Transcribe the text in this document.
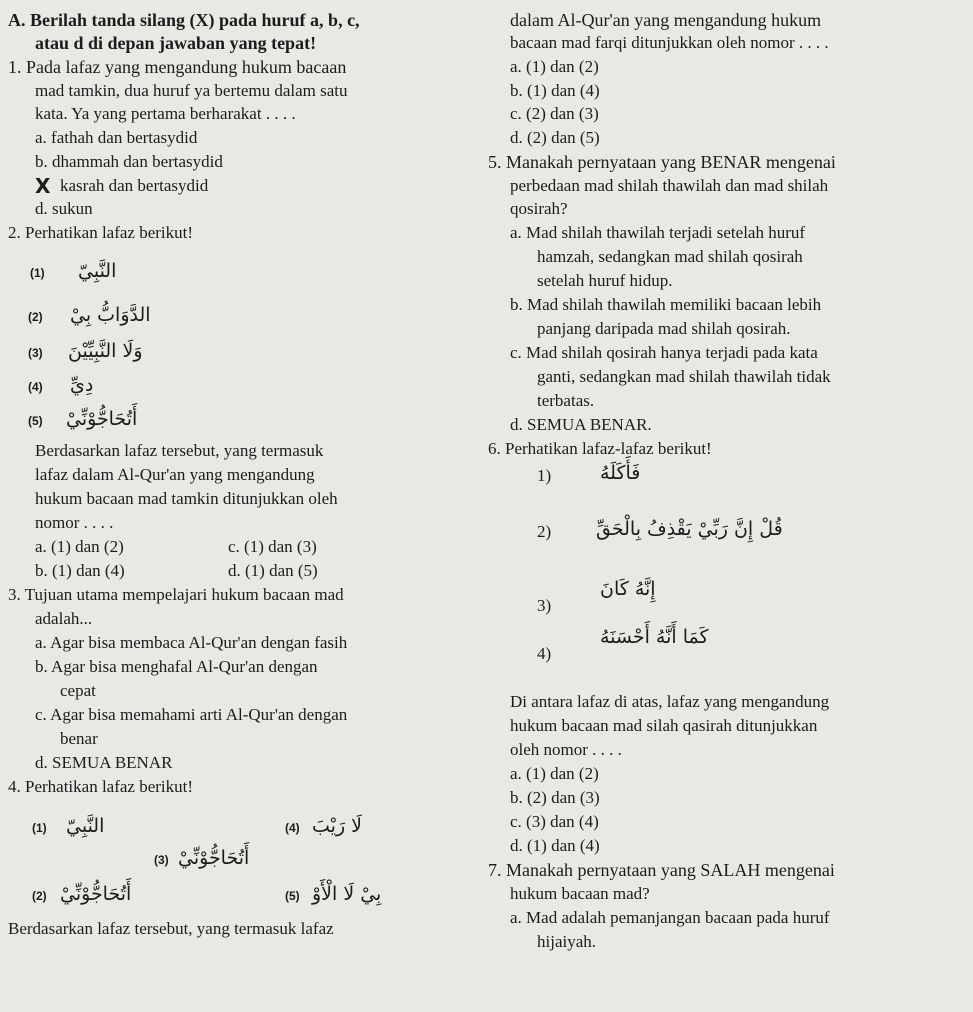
A. Berilah tanda silang (X) pada huruf a, b, c,
atau d di depan jawaban yang tepat!
1. Pada lafaz yang mengandung hukum bacaan
mad tamkin, dua huruf ya bertemu dalam satu
kata. Ya yang pertama berharakat . . . .
a. fathah dan bertasydid
b. dhammah dan bertasydid
X kasrah dan bertasydid
d. sukun
2. Perhatikan lafaz berikut!
(1) النَّبِيّ
(2) الدَّوَابُّ بِيْ
(3) وَلَا النَّبِيِّيْنَ
(4) دِيِّ
(5) أَتُحَاجُّوْنِّيْ
Berdasarkan lafaz tersebut, yang termasuk
lafaz dalam Al-Qur'an yang mengandung
hukum bacaan mad tamkin ditunjukkan oleh
nomor . . . .
a. (1) dan (2)	c. (1) dan (3)
b. (1) dan (4)	d. (1) dan (5)
3. Tujuan utama mempelajari hukum bacaan mad
adalah...
a. Agar bisa membaca Al-Qur'an dengan fasih
b. Agar bisa menghafal Al-Qur'an dengan
cepat
c. Agar bisa memahami arti Al-Qur'an dengan
benar
d. SEMUA BENAR
4. Perhatikan lafaz berikut!
(1) النَّبِيّ	(4) لَا رَيْبَ
(3) أَتُحَاجُّوْنِّيْ
(2) أَتُحَاجُّوْنِّيْ	(5) بِيْ لَا الْأَوْ
Berdasarkan lafaz tersebut, yang termasuk lafaz
dalam Al-Qur'an yang mengandung hukum
bacaan mad farqi ditunjukkan oleh nomor . . . .
a. (1) dan (2)
b. (1) dan (4)
c. (2) dan (3)
d. (2) dan (5)
5. Manakah pernyataan yang BENAR mengenai
perbedaan mad shilah thawilah dan mad shilah
qosirah?
a. Mad shilah thawilah terjadi setelah huruf
hamzah, sedangkan mad shilah qosirah
setelah huruf hidup.
b. Mad shilah thawilah memiliki bacaan lebih
panjang daripada mad shilah qosirah.
c. Mad shilah qosirah hanya terjadi pada kata
ganti, sedangkan mad shilah thawilah tidak
terbatas.
d. SEMUA BENAR.
6. Perhatikan lafaz-lafaz berikut!
1)	فَأَكَلَهُ
2) قُلْ إِنَّ رَبِّيْ يَقْذِفُ بِالْحَقِّ
3)
إِنَّهُ كَانَ
4)
كَمَا أَنَّهُ أَحْسَنَهُ
Di antara lafaz di atas, lafaz yang mengandung
hukum bacaan mad silah qasirah ditunjukkan
oleh nomor . . . .
a. (1) dan (2)
b. (2) dan (3)
c. (3) dan (4)
d. (1) dan (4)
7. Manakah pernyataan yang SALAH mengenai
hukum bacaan mad?
a. Mad adalah pemanjangan bacaan pada huruf
hijaiyah.
